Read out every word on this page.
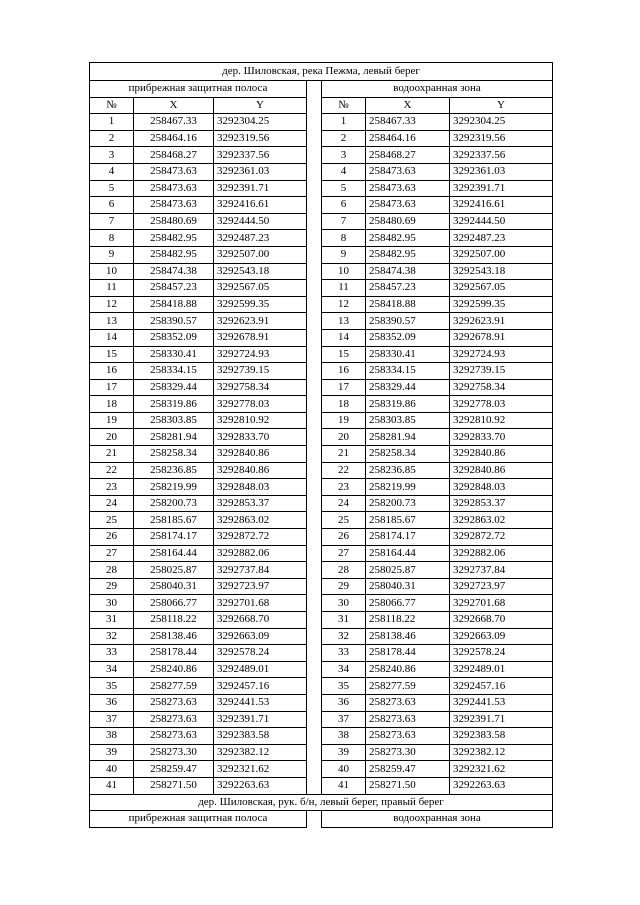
дер. Шиловская, река Пежма, левый берег						
прибрежная защитная полоса				водоохранная зона		
№	X	Y		№	X	Y
1	258467.33	3292304.25		1	258467.33	3292304.25
2	258464.16	3292319.56		2	258464.16	3292319.56
3	258468.27	3292337.56		3	258468.27	3292337.56
4	258473.63	3292361.03		4	258473.63	3292361.03
5	258473.63	3292391.71		5	258473.63	3292391.71
6	258473.63	3292416.61		6	258473.63	3292416.61
7	258480.69	3292444.50		7	258480.69	3292444.50
8	258482.95	3292487.23		8	258482.95	3292487.23
9	258482.95	3292507.00		9	258482.95	3292507.00
10	258474.38	3292543.18		10	258474.38	3292543.18
11	258457.23	3292567.05		11	258457.23	3292567.05
12	258418.88	3292599.35		12	258418.88	3292599.35
13	258390.57	3292623.91		13	258390.57	3292623.91
14	258352.09	3292678.91		14	258352.09	3292678.91
15	258330.41	3292724.93		15	258330.41	3292724.93
16	258334.15	3292739.15		16	258334.15	3292739.15
17	258329.44	3292758.34		17	258329.44	3292758.34
18	258319.86	3292778.03		18	258319.86	3292778.03
19	258303.85	3292810.92		19	258303.85	3292810.92
20	258281.94	3292833.70		20	258281.94	3292833.70
21	258258.34	3292840.86		21	258258.34	3292840.86
22	258236.85	3292840.86		22	258236.85	3292840.86
23	258219.99	3292848.03		23	258219.99	3292848.03
24	258200.73	3292853.37		24	258200.73	3292853.37
25	258185.67	3292863.02		25	258185.67	3292863.02
26	258174.17	3292872.72		26	258174.17	3292872.72
27	258164.44	3292882.06		27	258164.44	3292882.06
28	258025.87	3292737.84		28	258025.87	3292737.84
29	258040.31	3292723.97		29	258040.31	3292723.97
30	258066.77	3292701.68		30	258066.77	3292701.68
31	258118.22	3292668.70		31	258118.22	3292668.70
32	258138.46	3292663.09		32	258138.46	3292663.09
33	258178.44	3292578.24		33	258178.44	3292578.24
34	258240.86	3292489.01		34	258240.86	3292489.01
35	258277.59	3292457.16		35	258277.59	3292457.16
36	258273.63	3292441.53		36	258273.63	3292441.53
37	258273.63	3292391.71		37	258273.63	3292391.71
38	258273.63	3292383.58		38	258273.63	3292383.58
39	258273.30	3292382.12		39	258273.30	3292382.12
40	258259.47	3292321.62		40	258259.47	3292321.62
41	258271.50	3292263.63		41	258271.50	3292263.63
дер. Шиловская, рук. б/н, левый берег, правый берег						
прибрежная защитная полоса				водоохранная зона		
